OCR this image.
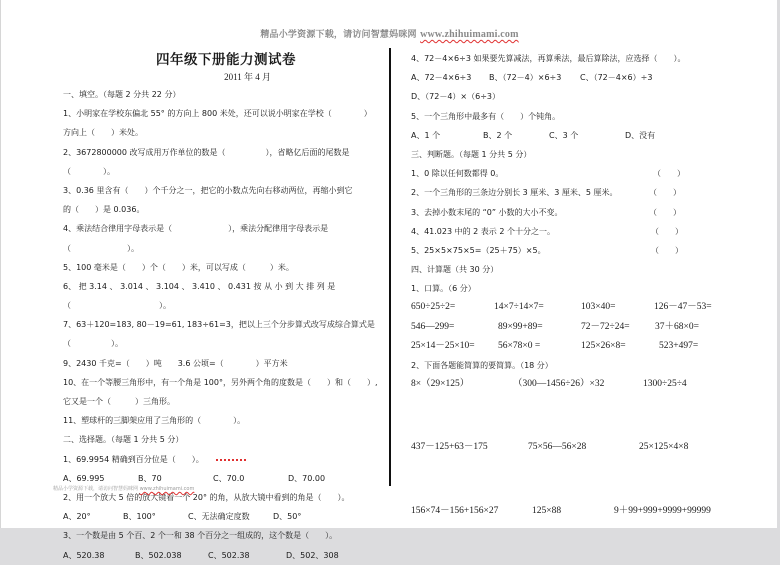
精品小学资源下载，请访问智慧妈咪网 www.zhihuimami.com
四年级下册能力测试卷
2011 年 4 月
一、填空。（每题 2 分共 22 分）
1、小明家在学校东偏北 55° 的方向上 800 米处，还可以说小明家在学校（　　　　）
方向上（　　）米处。
2、3672800000 改写成用万作单位的数是（　　　　　），省略亿后面的尾数是
（　　　　）。
3、0.36 里含有（　　）个千分之一，把它的小数点先向右移动两位，再缩小到它
的（　　）是 0.036。
4、乘法结合律用字母表示是（　　　　　　　），乘法分配律用字母表示是
（　　　　　　　）。
5、100 毫米是（　　）个（　　）米，可以写成（　　　）米。
6、 把 3.14 、 3.014 、 3.104 、 3.410 、 0.431 按 从 小 到 大 排 列 是
（　　　　　　　　　　　）。
7、63＋120=183, 80－19=61, 183÷61=3，把以上三个分步算式改写成综合算式是
（　　　　　）。
9、2430 千克=（　　）吨　　3.6 公顷=（　　　　）平方米
10、在一个等腰三角形中，有一个角是 100°，另外两个角的度数是（　　）和（　　）,
它又是一个（　　　）三角形。
11、塑球杆的三脚架应用了三角形的（　　　　）。
二、选择题。（每题 1 分共 5 分）
1、69.9954 精确到百分位是（　　）。
A、69.995	B、70	C、70.0	D、70.00
2、用一个放大 5 倍的放大镜看一个 20° 的角，从放大镜中看到的角是（　　）。
A、20°	B、100°	C、无法确定度数	D、50°
3、一个数是由 5 个百、2 个一和 38 个百分之一组成的，这个数是（　　）。
A、520.38	B、502.038	C、502.38	D、502、308
4、72－4×6÷3 如果要先算减法，再算乘法，最后算除法，应选择（　　）。
A、72－4×6÷3	B、（72－4）×6÷3	C、（72－4×6）÷3
D、（72－4）×（6÷3）
5、一个三角形中最多有（　　）个钝角。
A、1 个	B、2 个	C、3 个	D、没有
三、判断题。（每题 1 分共 5 分）
1、0 除以任何数都得 0。	（　　）
2、一个三角形的三条边分别长 3 厘米、3 厘米、5 厘米。	（　　）
3、去掉小数末尾的 “0” 小数的大小不变。	（　　）
4、41.023 中的 2 表示 2 个十分之一。	（　　）
5、25×5×75×5=（25＋75）×5。	（　　）
四、计算题（共 30 分）
1、口算。（6 分）
650÷25÷2=	14×7÷14×7=	103×40=	126－47－53=
546—299=	89×99+89=	72－72÷24=	37＋68×0=
25×14－25×10=	56×78×0 =	125×26×8=	523+497=
2、下面各题能简算的要简算。（18 分）
8×（29×125）	（300—1456÷26）×32	1300÷25÷4
437－125+63－175	75×56—56×28	25×125×4×8
156×74－156+156×27	125×88	9＋99+999+9999+99999
精品小学资源下载，请访问智慧妈咪网 www.zhihuimami.com
